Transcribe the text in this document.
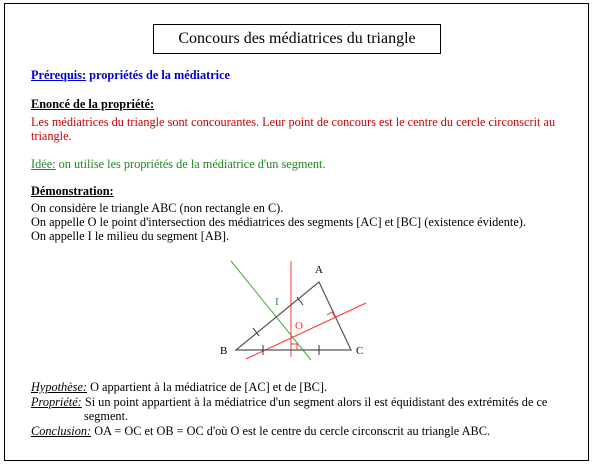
Concours des médiatrices du triangle
Prérequis: propriétés de la médiatrice
Enoncé de la propriété:
Les médiatrices du triangle sont concourantes. Leur point de concours est le centre du cercle circonscrit au
triangle.
Idée: on utilise les propriétés de la médiatrice d'un segment.
Démonstration:
On considère le triangle ABC (non rectangle en C).
On appelle O le point d'intersection des médiatrices des segments [AC] et [BC] (existence évidente).
On appelle I le milieu du segment [AB].
A
B	C
O
I
Hypothèse: O appartient à la médiatrice de [AC] et de [BC].
Propriété: Si un point appartient à la médiatrice d'un segment alors il est équidistant des extrémités de ce
segment.
Conclusion: OA = OC et OB = OC d'où O est le centre du cercle circonscrit au triangle ABC.
